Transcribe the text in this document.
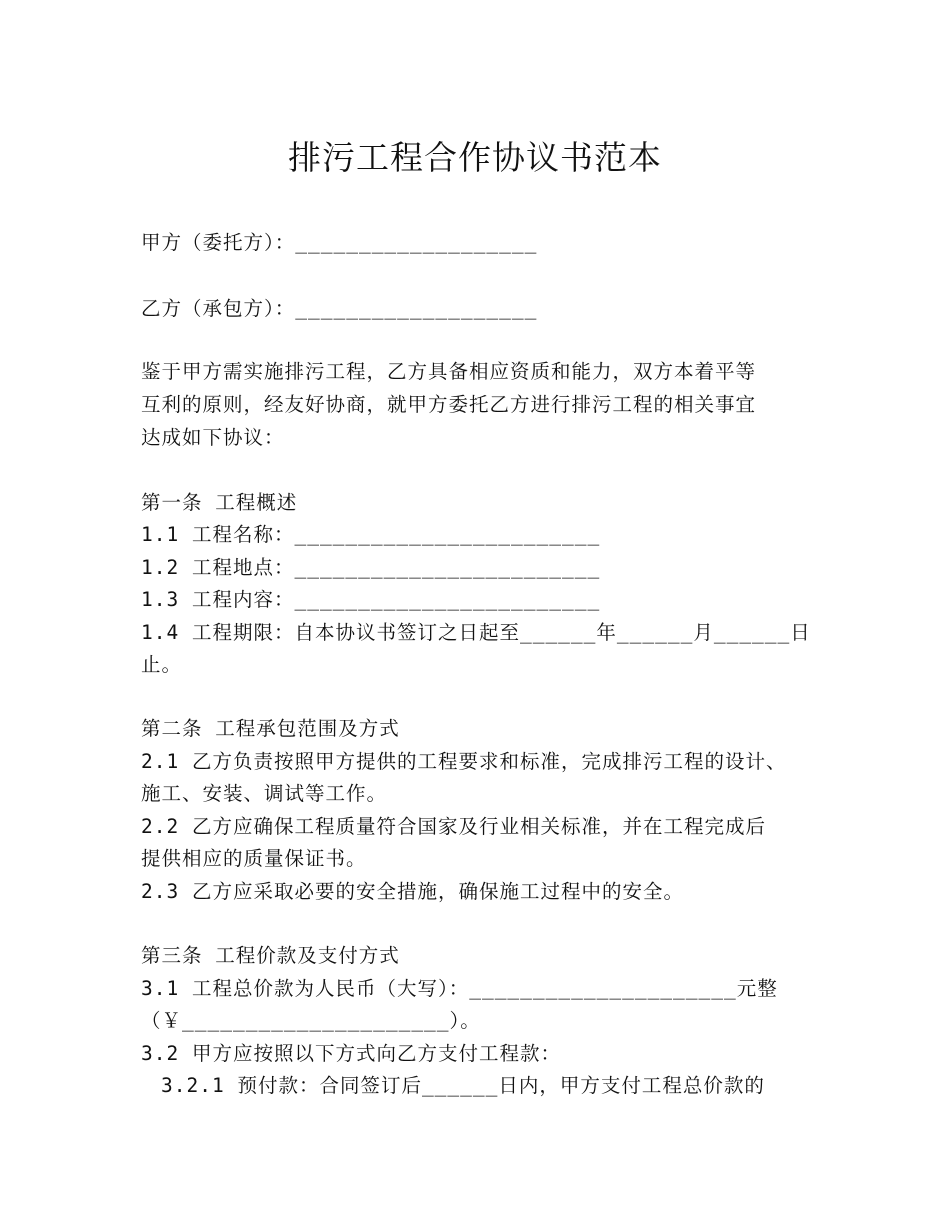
排污工程合作协议书范本
甲方（委托方）：___________________
乙方（承包方）：___________________
鉴于甲方需实施排污工程，乙方具备相应资质和能力，双方本着平等
互利的原则，经友好协商，就甲方委托乙方进行排污工程的相关事宜
达成如下协议：
第一条 工程概述
1.1 工程名称：________________________
1.2 工程地点：________________________
1.3 工程内容：________________________
1.4 工程期限：自本协议书签订之日起至______年______月______日
止。
第二条 工程承包范围及方式
2.1 乙方负责按照甲方提供的工程要求和标准，完成排污工程的设计、
施工、安装、调试等工作。
2.2 乙方应确保工程质量符合国家及行业相关标准，并在工程完成后
提供相应的质量保证书。
2.3 乙方应采取必要的安全措施，确保施工过程中的安全。
第三条 工程价款及支付方式
3.1 工程总价款为人民币（大写）：_____________________元整
（￥_____________________）。
3.2 甲方应按照以下方式向乙方支付工程款：
3.2.1 预付款：合同签订后______日内，甲方支付工程总价款的
